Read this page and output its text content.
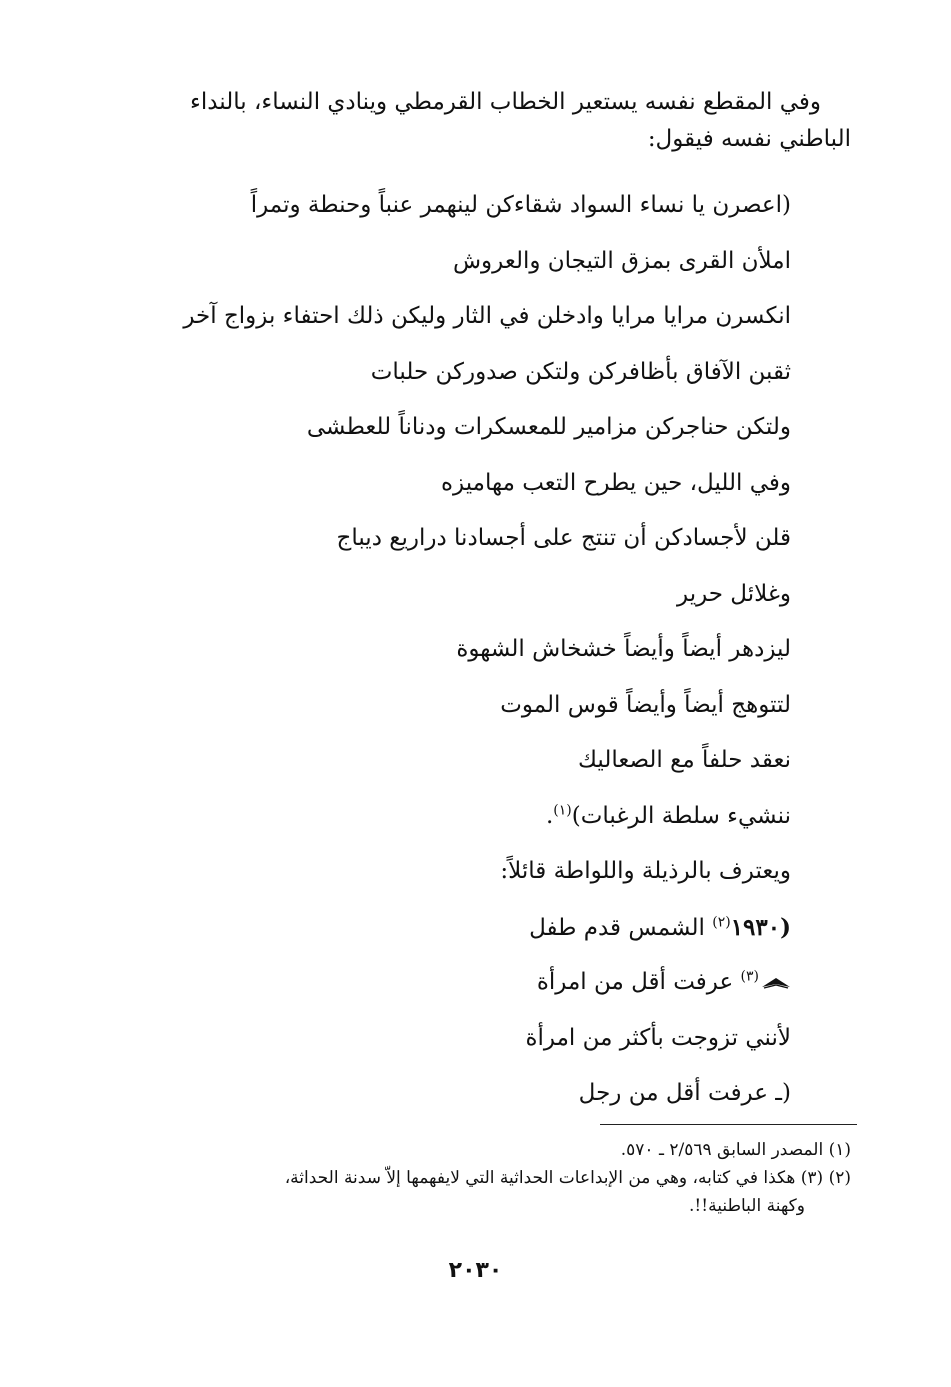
وفي المقطع نفسه يستعير الخطاب القرمطي وينادي النساء، بالنداء
الباطني نفسه فيقول:
(اعصرن يا نساء السواد شقاءكن لينهمر عنباً وحنطة وتمراً
املأن القرى بمزق التيجان والعروش
انكسرن مرايا مرايا وادخلن في الثار وليكن ذلك احتفاء بزواج آخر
ثقبن الآفاق بأظافركن ولتكن صدوركن حلبات
ولتكن حناجركن مزامير للمعسكرات ودناناً للعطشى
وفي الليل، حين يطرح التعب مهاميزه
قلن لأجسادكن أن تنتج على أجسادنا دراريع ديباج
وغلائل حرير
ليزدهر أيضاً وأيضاً خشخاش الشهوة
لتتوهج أيضاً وأيضاً قوس الموت
نعقد حلفاً مع الصعاليك
ننشيء سلطة الرغبات)$^{(١)}$.
ويعترف بالرذيلة واللواطة قائلاً:
(١٩٣٠$^{(٢)}$ الشمس قدم طفل
$^{(٣)}$ عرفت أقل من امرأة
لأنني تزوجت بأكثر من امرأة
(ـ عرفت أقل من رجل
(١) المصدر السابق ٢/٥٦٩ ـ ٥٧٠.
(٢) (٣) هكذا في كتابه، وهي من الإبداعات الحداثية التي لايفهمها إلاّ سدنة الحداثة،
وكهنة الباطنية!!.
٢٠٣٠
